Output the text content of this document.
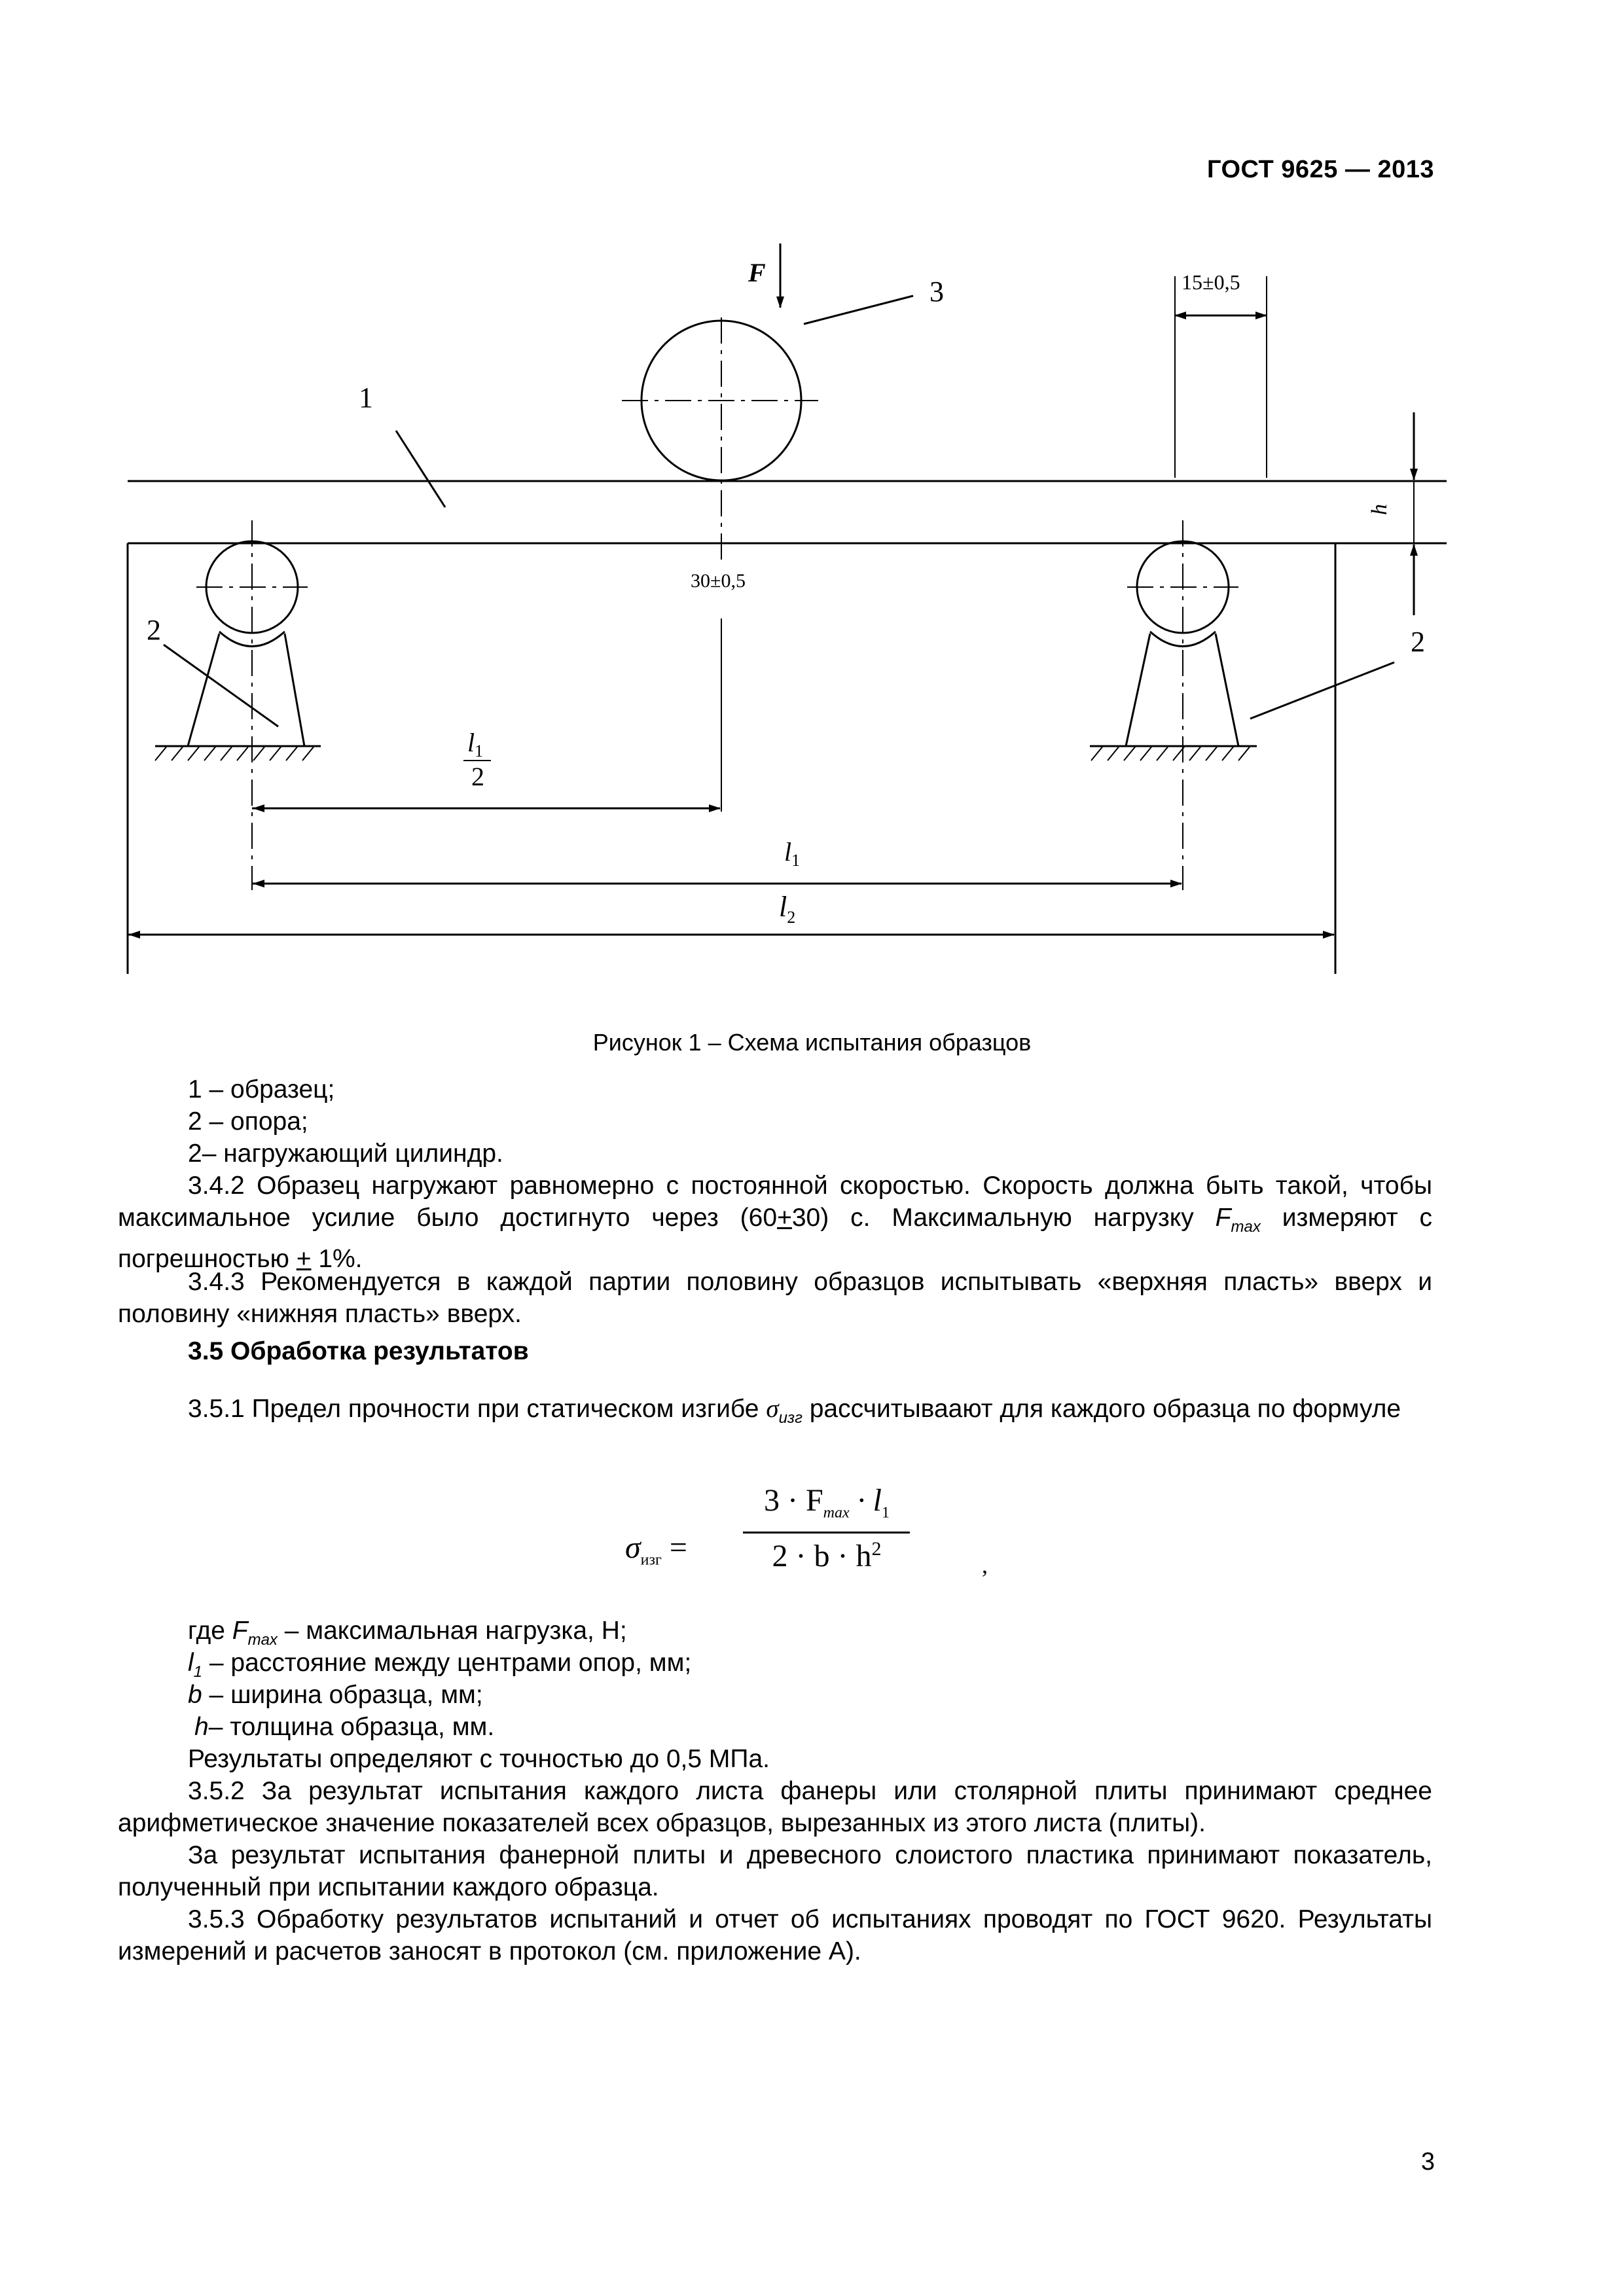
ГОСТ 9625 — 2013
F
3
1
2	2
15±0,5
30±0,5
h
$l_1$
2
$l_1$
$l_2$
Рисунок 1 – Схема испытания образцов
1 – образец;
2 – опора;
2– нагружающий цилиндр.
3.4.2 Образец нагружают равномерно с постоянной скоростью. Скорость должна быть такой, чтобы максимальное усилие было достигнуто через (60+30) с. Максимальную нагрузку $F_{max}$ измеряют с погрешностью + 1%.
3.4.3 Рекомендуется в каждой партии половину образцов испытывать «верхняя пласть» вверх и половину «нижняя пласть» вверх.
3.5 Обработка результатов
3.5.1 Предел прочности при статическом изгибе $\sigma_{изг}$ рассчитываают для каждого образца по формуле
$\sigma_{изг}$ =
$3 \cdot F_{max} \cdot l_1$
$2 \cdot b \cdot h^2$
,
где $F_{max}$ – максимальная нагрузка, Н;
$l_1$ – расстояние между центрами опор, мм;
b – ширина образца, мм;
h– толщина образца, мм.
Результаты определяют с точностью до 0,5 МПа.
3.5.2 За результат испытания каждого листа фанеры или столярной плиты принимают среднее арифметическое значение показателей всех образцов, вырезанных из этого листа (плиты).
За результат испытания фанерной плиты и древесного слоистого пластика принимают показатель, полученный при испытании каждого образца.
3.5.3 Обработку результатов испытаний и отчет об испытаниях проводят по ГОСТ 9620. Результаты измерений и расчетов заносят в протокол (см. приложение А).
3
